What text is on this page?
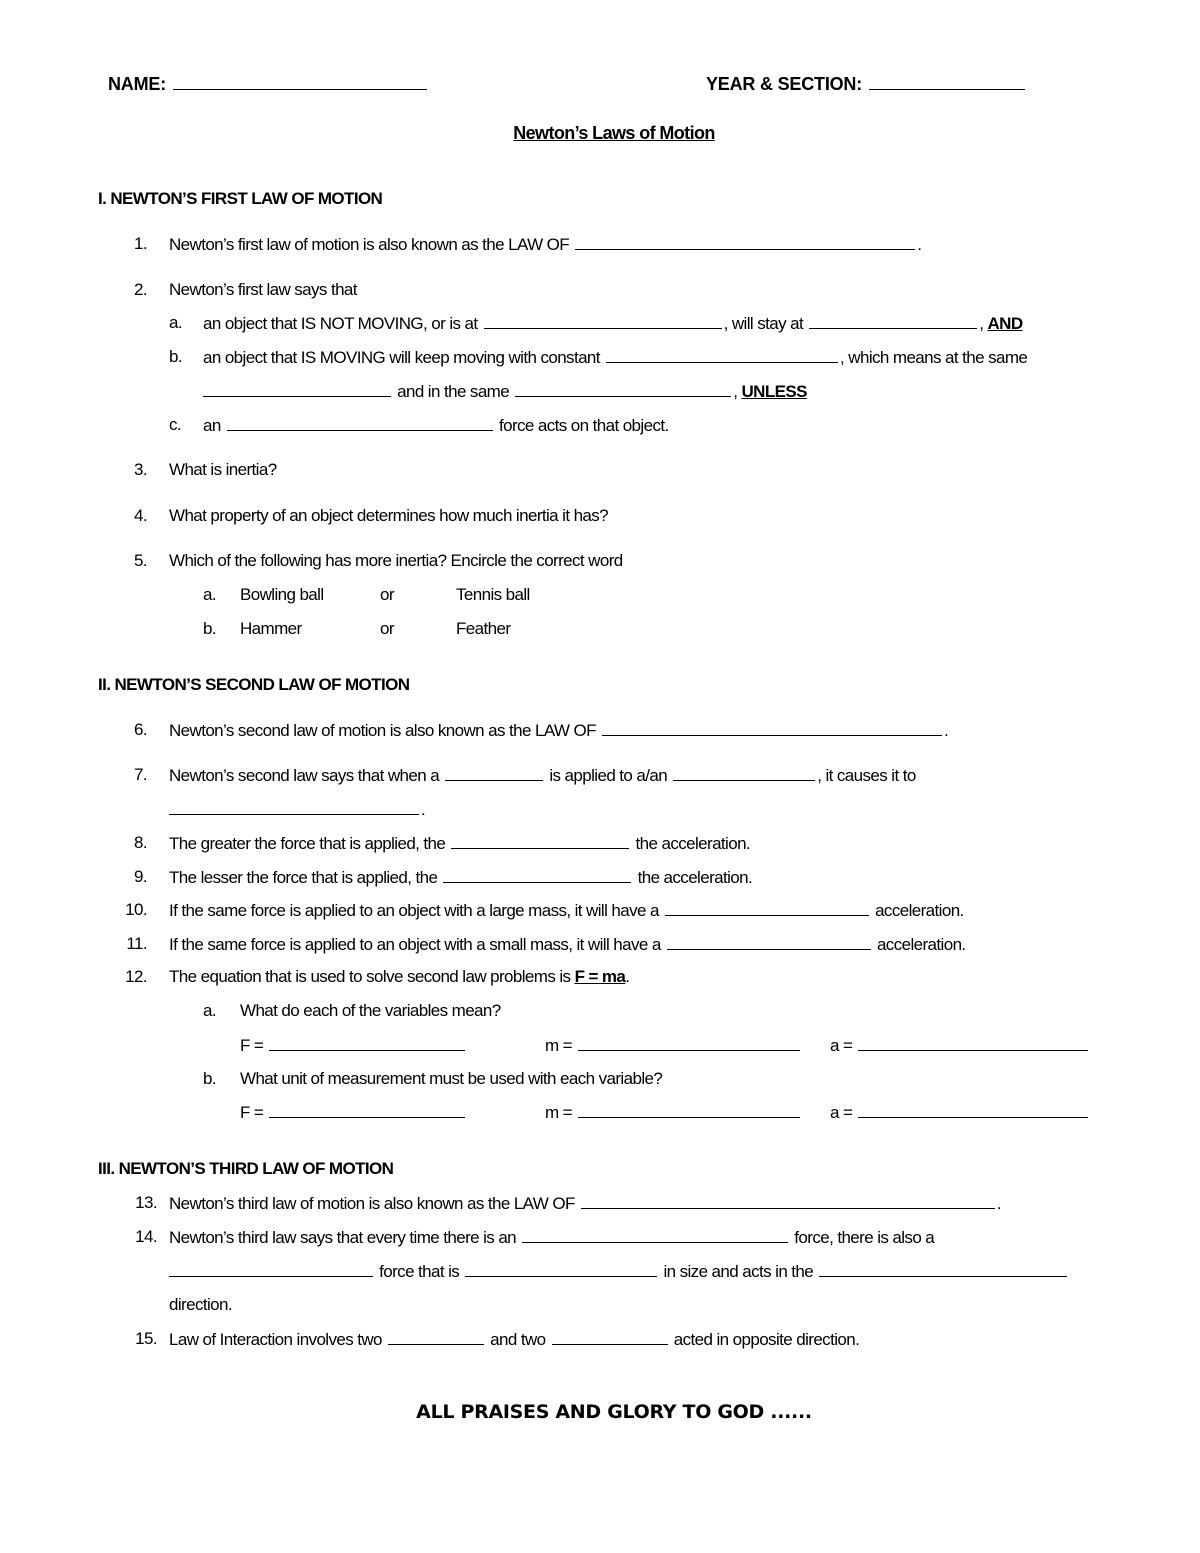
NAME:	YEAR & SECTION:
Newton’s Laws of Motion
I. NEWTON’S FIRST LAW OF MOTION
1. Newton’s first law of motion is also known as the LAW OF	.
2. Newton’s first law says that
a. an object that IS NOT MOVING, or is at	, will stay at	, AND
b. an object that IS MOVING will keep moving with constant	, which means at the same
and in the same	, UNLESS
c. an	force acts on that object.
3. What is inertia?
4. What property of an object determines how much inertia it has?
5. Which of the following has more inertia? Encircle the correct word
a. Bowling ball	or	Tennis ball
b. Hammer	or	Feather
II. NEWTON’S SECOND LAW OF MOTION
6. Newton’s second law of motion is also known as the LAW OF	.
7. Newton’s second law says that when a	is applied to a/an	, it causes it to
.
8. The greater the force that is applied, the	the acceleration.
9. The lesser the force that is applied, the	the acceleration.
10. If the same force is applied to an object with a large mass, it will have a	acceleration.
11. If the same force is applied to an object with a small mass, it will have a	acceleration.
12. The equation that is used to solve second law problems is F = ma.
a. What do each of the variables mean?
F =	m =	a =
b. What unit of measurement must be used with each variable?
F =	m =	a =
III. NEWTON’S THIRD LAW OF MOTION
13. Newton’s third law of motion is also known as the LAW OF	.
14. Newton’s third law says that every time there is an	force, there is also a
force that is	in size and acts in the
direction.
15. Law of Interaction involves two	and two	acted in opposite direction.
ALL PRAISES AND GLORY TO GOD ......
